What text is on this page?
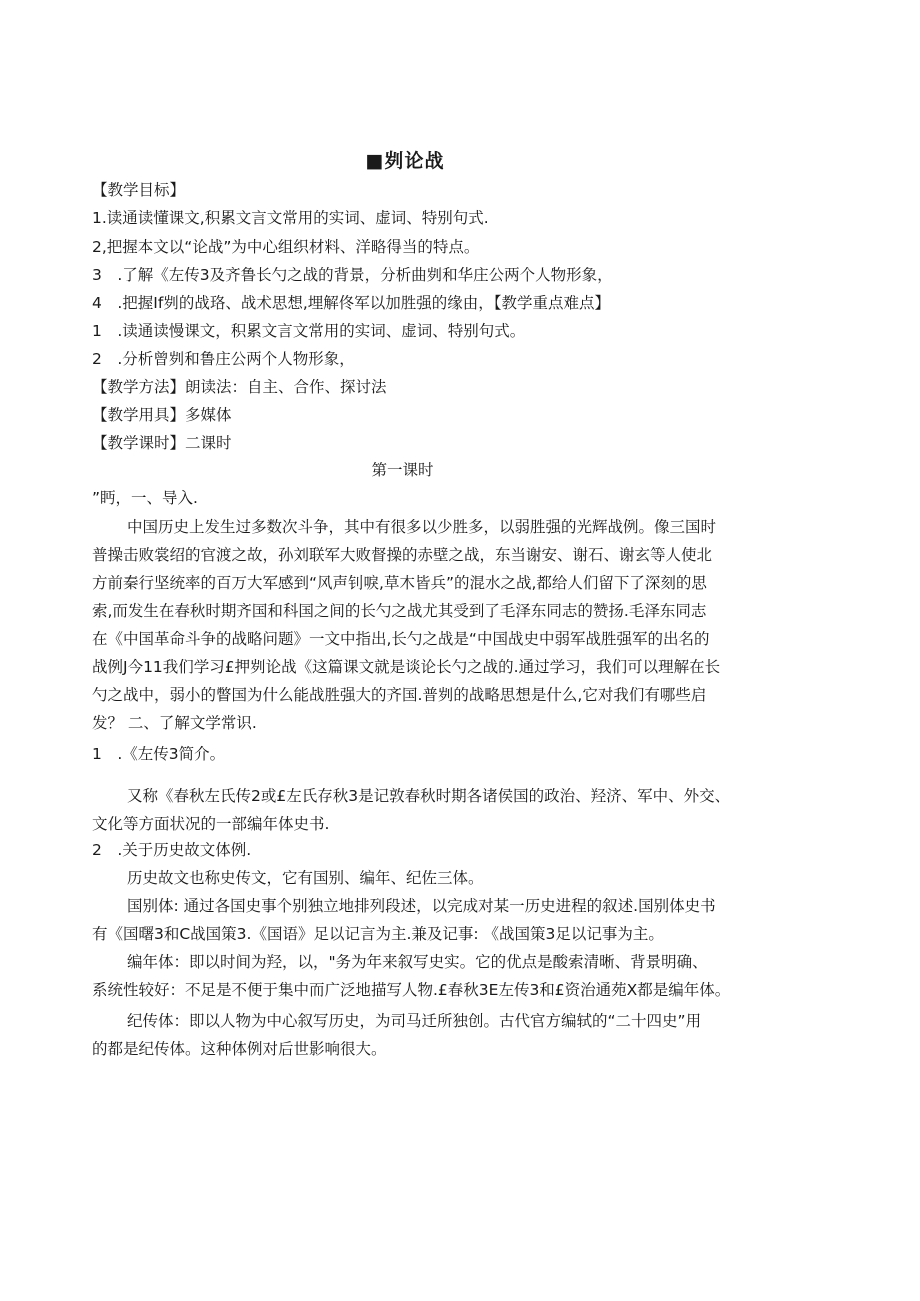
■刿论战
【教学目标】
1.读通读懂课文,积累文言文常用的实词、虚词、特别句式.
2,把握本文以“论战”为中心组织材料、洋略得当的特点。
3　.了解《左传3及齐鲁长勺之战的背景，分析曲刿和华庄公两个人物形象，
4　.把握If刿的战珞、战术思想,埋解佟军以加胜强的缘由，【教学重点难点】
1　.读通读慢课文，积累文言文常用的实词、虚词、特别句式。
2　.分析曾刿和鲁庄公两个人物形象，
【教学方法】朗读法：自主、合作、探讨法
【教学用具】多媒体
【教学课时】二课时
第一课时
”眄，一、导入.
中国历史上发生过多数次斗争，其中有很多以少胜多，以弱胜强的光辉战例。像三国时
普操击败裳绍的官渡之故，孙刘联军大败督操的赤壁之战，东当谢安、谢石、谢玄等人使北
方前秦行坚统率的百万大军感到“风声钊唳,草木皆兵”的混水之战,都给人们留下了深刻的思
索,而发生在春秋时期齐国和科国之间的长勺之战尤其受到了毛泽东同志的赞扬.毛泽东同志
在《中国革命斗争的战略问题》一文中指出,长勺之战是“中国战史中弱军战胜强军的出名的
战例J今11我们学习£押刿论战《这篇课文就是谈论长勺之战的.通过学习，我们可以理解在长
勺之战中，弱小的瞥国为什么能战胜强大的齐国.普刿的战略思想是什么,它对我们有哪些启
发？ 二、了解文学常识.
1　.《左传3简介。
又称《春秋左氏传2或£左氏存秋3是记敦春秋时期各诸侯国的政治、羟济、军中、外交、
文化等方面状况的一部编年体史书.
2　.关于历史故文体例.
历史故文也称史传文，它有国别、编年、纪佐三体。
国别体: 通过各国史事个别独立地排列段述，以完成对某一历史进程的叙述.国别体史书
有《国曙3和C战国策3.《国语》足以记言为主.兼及记事: 《战国策3足以记事为主。
编年体：即以时间为羟，以，"务为年来叙写史实。它的优点是酸索清晰、背景明确、
系统性较好：不足是不便于集中而广泛地描写人物.£春秋3E左传3和£资治通苑X都是编年体。
纪传体：即以人物为中心叙写历史，为司马迁所独创。古代官方编轼的“二十四史”用
的都是纪传体。这种体例对后世影响很大。
